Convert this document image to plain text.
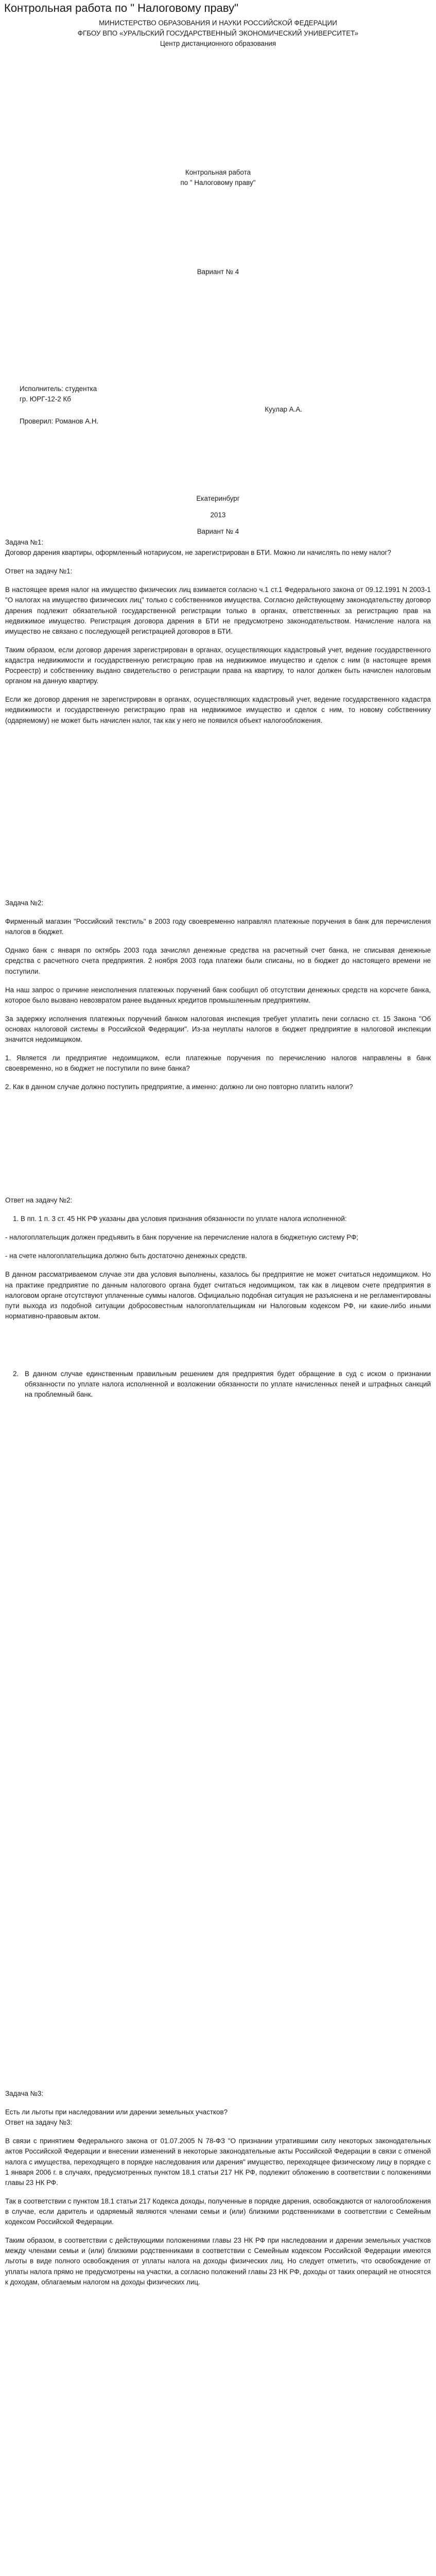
Контрольная работа по " Налоговому праву"

МИНИСТЕРСТВО ОБРАЗОВАНИЯ И НАУКИ РОССИЙСКОЙ ФЕДЕРАЦИИ

ФГБОУ ВПО «УРАЛЬСКИЙ ГОСУДАРСТВЕННЫЙ ЭКОНОМИЧЕСКИЙ УНИВЕРСИТЕТ»

Центр дистанционного образования

Контрольная работа

по " Налоговому праву"

Вариант № 4

Исполнитель: студентка

гр. ЮРГ-12-2 Кб

Куулар А.А.
Проверил: Романов А.Н.

Екатеринбург

2013

Вариант № 4

Задача №1:

Договор дарения квартиры, оформленный нотариусом, не зарегистрирован в БТИ. Можно ли начислять по нему налог?

Ответ на задачу №1:

В настоящее время налог на имущество физических лиц взимается согласно ч.1 ст.1 Федерального закона от 09.12.1991 N 2003-1 "О налогах на имущество физических лиц" только с собственников имущества. Согласно действующему законодательству договор дарения подлежит обязательной государственной регистрации только в органах, ответственных за регистрацию прав на недвижимое имущество. Регистрация договора дарения в БТИ не предусмотрено законодательством. Начисление налога на имущество не связано с последующей регистрацией договоров в БТИ.

Таким образом, если договор дарения зарегистрирован в органах, осуществляющих кадастровый учет, ведение государственного кадастра недвижимости и государственную регистрацию прав на недвижимое имущество и сделок с ним (в настоящее время Росреестр) и собственнику выдано свидетельство о регистрации права на квартиру, то налог должен быть начислен налоговым органом на данную квартиру.

Если же договор дарения не зарегистрирован в органах, осуществляющих кадастровый учет, ведение государственного кадастра недвижимости и государственную регистрацию прав на недвижимое имущество и сделок с ним, то новому собственнику (одаряемому) не может быть начислен налог, так как у него не появился объект налогообложения.

Задача №2:

Фирменный магазин "Российский текстиль" в 2003 году своевременно направлял платежные поручения в банк для перечисления налогов в бюджет.

Однако банк с января по октябрь 2003 года зачислял денежные средства на расчетный счет банка, не списывая денежные средства с расчетного счета предприятия. 2 ноября 2003 года платежи были списаны, но в бюджет до настоящего времени не поступили.

На наш запрос о причине неисполнения платежных поручений банк сообщил об отсутствии денежных средств на корсчете банка, которое было вызвано невозвратом ранее выданных кредитов промышленным предприятиям.

За задержку исполнения платежных поручений банком налоговая инспекция требует уплатить пени согласно ст. 15 Закона "Об основах налоговой системы в Российской Федерации". Из-за неуплаты налогов в бюджет предприятие в налоговой инспекции значится недоимщиком.

1. Является ли предприятие недоимщиком, если платежные поручения по перечислению налогов направлены в банк своевременно, но в бюджет не поступили по вине банка?

2. Как в данном случае должно поступить предприятие, а именно: должно ли оно повторно платить налоги?

Ответ на задачу №2:

1. В пп. 1 п. 3 ст. 45 НК РФ указаны два условия признания обязанности по уплате налога исполненной:
- налогоплательщик должен предъявить в банк поручение на перечисление налога в бюджетную систему РФ;
- на счете налогоплательщика должно быть достаточно денежных средств.
В данном рассматриваемом случае эти два условия выполнены, казалось бы предприятие не может считаться недоимщиком. Но на практике предприятие по данным налогового органа будет считаться недоимщиком, так как в лицевом счете предприятия в налоговом органе отсутствуют уплаченные суммы налогов. Официально подобная ситуация не разъяснена и не регламентированы пути выхода из подобной ситуации добросовестным налогоплательщикам ни Налоговым кодексом РФ, ни какие-либо иными нормативно-правовым актом.
2. В данном случае единственным правильным решением для предприятия будет обращение в суд с иском о признании обязанности по уплате налога исполненной и возложении обязанности по уплате начисленных пеней и штрафных санкций на проблемный банк.

Задача №3:

Есть ли льготы при наследовании или дарении земельных участков?

Ответ на задачу №3:

В связи с принятием Федерального закона от 01.07.2005 N 78-ФЗ "О признании утратившими силу некоторых законодательных актов Российской Федерации и внесении изменений в некоторые законодательные акты Российской Федерации в связи с отменой налога с имущества, переходящего в порядке наследования или дарения" имущество, переходящее физическому лицу в порядке с 1 января 2006 г. в случаях, предусмотренных пунктом 18.1 статьи 217 НК РФ, подлежит обложению в соответствии с положениями главы 23 НК РФ.

Так в соответствии с пунктом 18.1 статьи 217 Кодекса доходы, полученные в порядке дарения, освобождаются от налогообложения в случае, если даритель и одаряемый являются членами семьи и (или) близкими родственниками в соответствии с Семейным кодексом Российской Федерации.

Таким образом, в соответствии с действующими положениями главы 23 НК РФ при наследовании и дарении земельных участков между членами семьи и (или) близкими родственниками в соответствии с Семейным кодексом Российской Федерации имеются льготы в виде полного освобождения от уплаты налога на доходы физических лиц. Но следует отметить, что освобождение от уплаты налога прямо не предусмотрены на участки, а согласно положений главы 23 НК РФ, доходы от таких операций не относятся к доходам, облагаемым налогом на доходы физических лиц.
